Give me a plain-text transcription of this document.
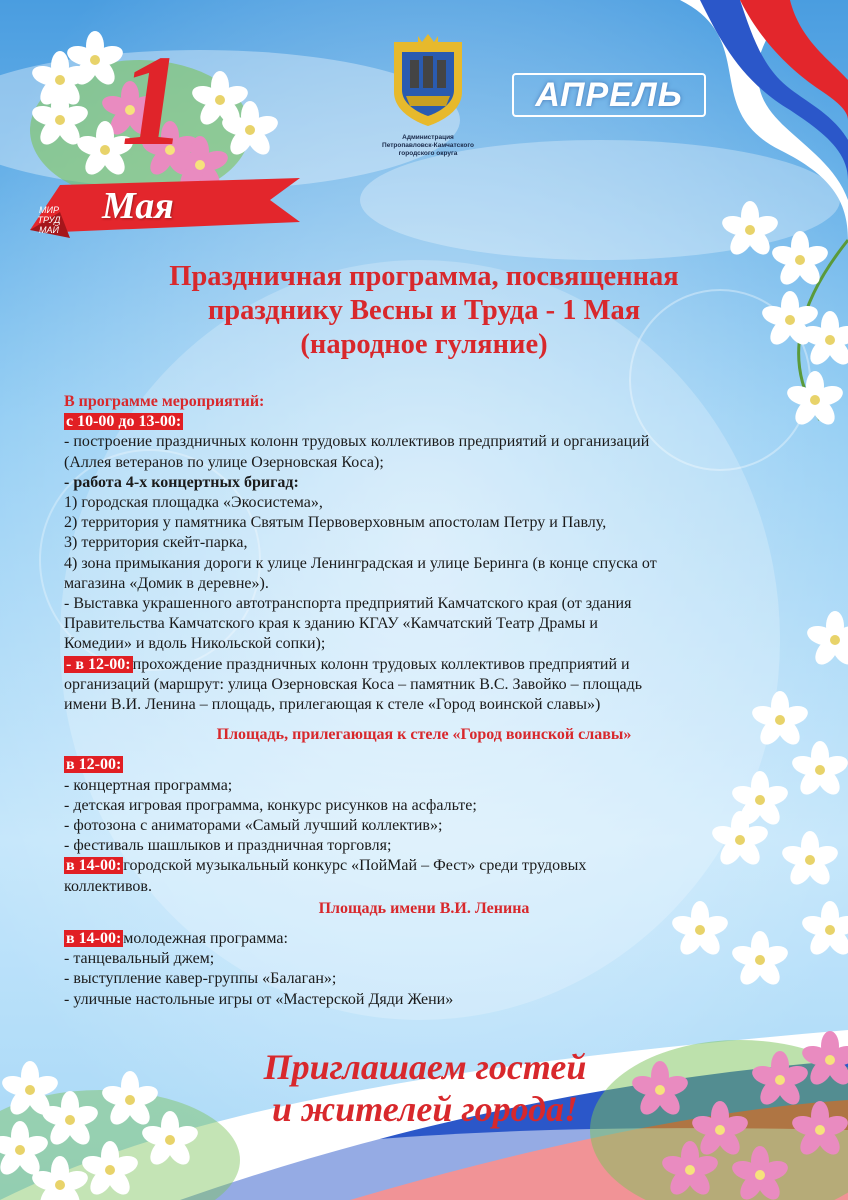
1
Мая
МИР ТРУД МАЙ
Администрация
Петропавловск-Камчатского
городского округа
АПРЕЛЬ
Праздничная программа, посвященная
празднику Весны и Труда - 1 Мая
(народное гуляние)
В программе мероприятий:
с 10-00 до 13-00:
- построение праздничных колонн трудовых коллективов предприятий и организаций
(Аллея ветеранов по улице Озерновская Коса);
- работа 4-х концертных бригад:
1) городская площадка «Экосистема»,
2) территория у памятника Святым Первоверховным апостолам Петру и Павлу,
3) территория скейт-парка,
4) зона примыкания дороги к улице Ленинградская и улице Беринга (в конце спуска от
магазина «Домик в деревне»).
- Выставка украшенного автотранспорта предприятий Камчатского края (от здания
Правительства Камчатского края к зданию КГАУ «Камчатский Театр Драмы и
Комедии» и вдоль Никольской сопки);
- в 12-00: прохождение праздничных колонн трудовых коллективов предприятий и
организаций (маршрут: улица Озерновская Коса – памятник В.С. Завойко – площадь
имени В.И. Ленина – площадь, прилегающая к стеле «Город воинской славы»)
Площадь, прилегающая к стеле «Город воинской славы»
в 12-00:
- концертная программа;
- детская игровая программа, конкурс рисунков на асфальте;
- фотозона с аниматорами «Самый лучший коллектив»;
- фестиваль шашлыков и праздничная торговля;
в 14-00: городской музыкальный конкурс «ПойМай – Фест» среди трудовых
коллективов.
Площадь имени В.И. Ленина
в 14-00: молодежная программа:
- танцевальный джем;
- выступление кавер-группы «Балаган»;
- уличные настольные игры от «Мастерской Дяди Жени»
Приглашаем гостей
и жителей города!
